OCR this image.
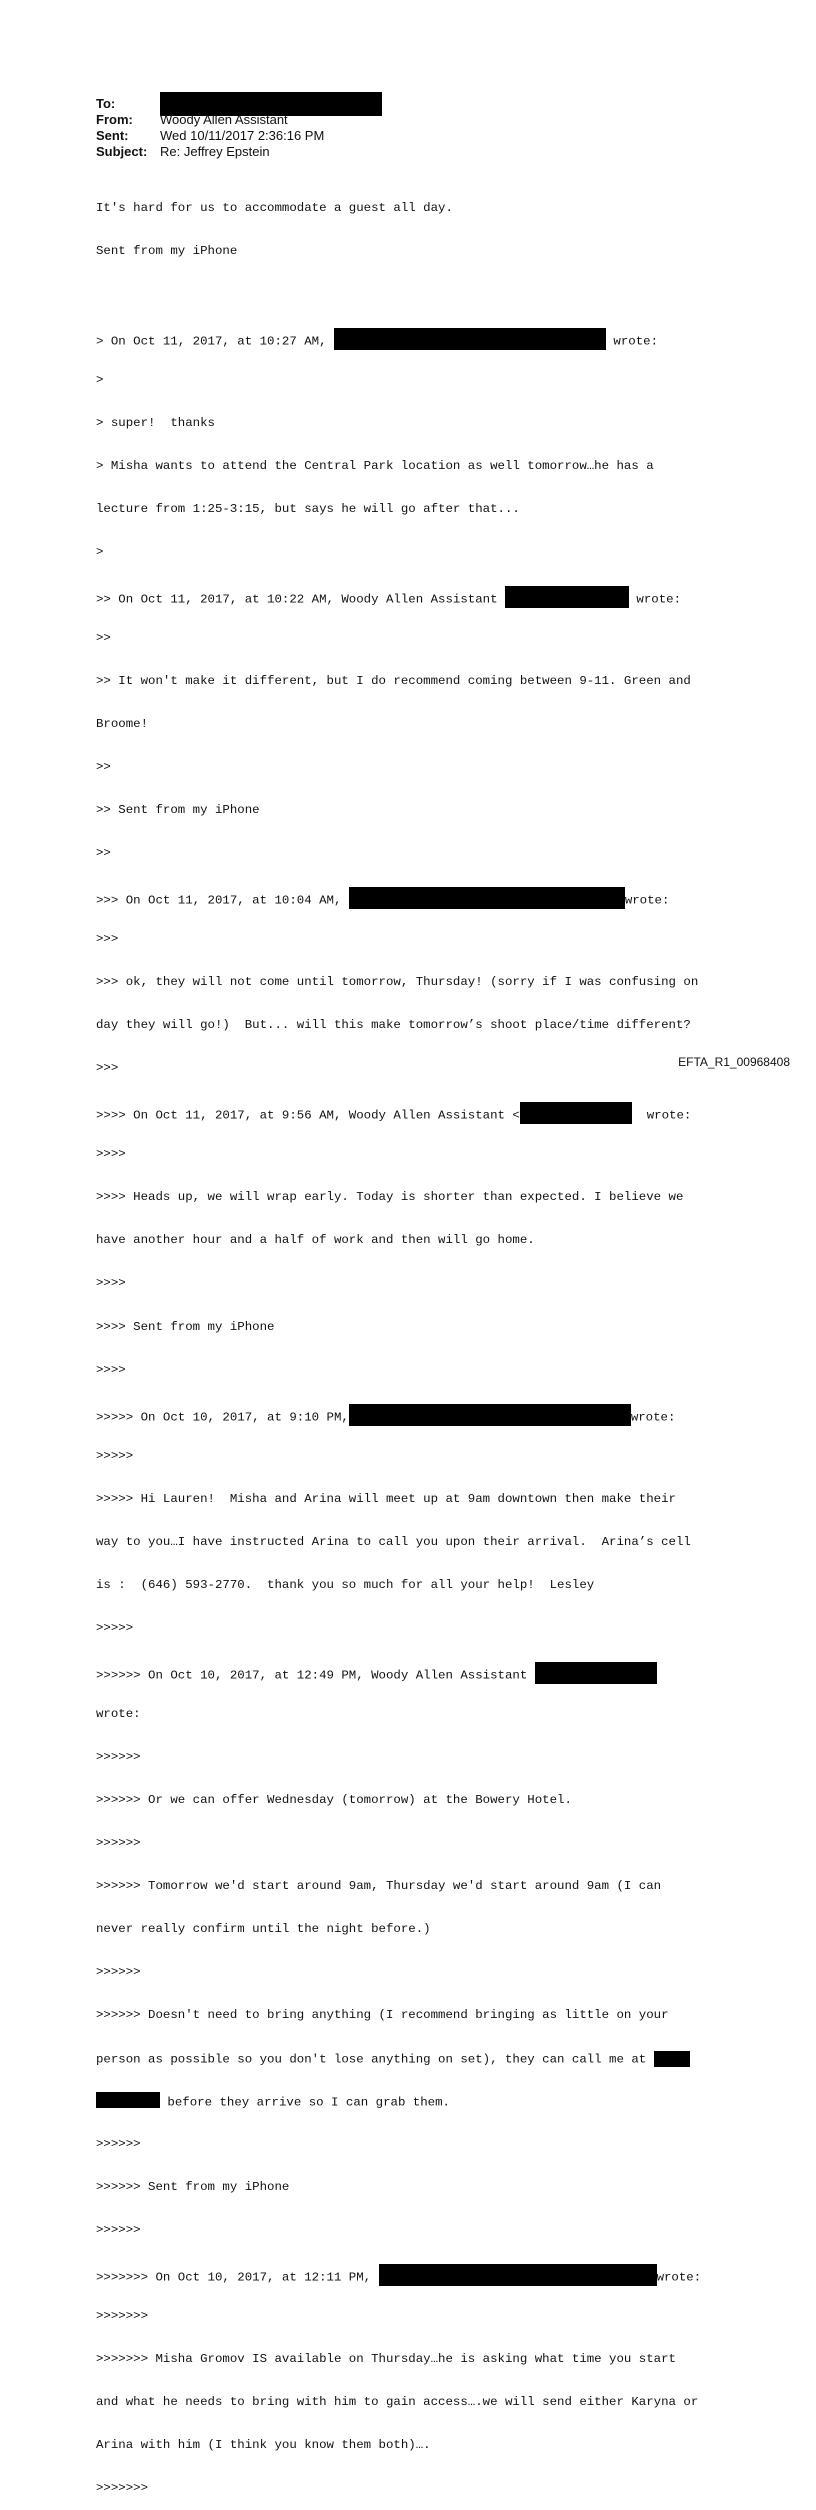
To:
From: Woody Allen Assistant
Sent: Wed 10/11/2017 2:36:16 PM
Subject: Re: Jeffrey Epstein

It's hard for us to accommodate a guest all day.

Sent from my iPhone

> On Oct 11, 2017, at 10:27 AM,	wrote:

>

> super!  thanks

> Misha wants to attend the Central Park location as well tomorrow…he has a

lecture from 1:25-3:15, but says he will go after that...

>

>> On Oct 11, 2017, at 10:22 AM, Woody Allen Assistant	wrote:

>>

>> It won't make it different, but I do recommend coming between 9-11. Green and

Broome!

>>

>> Sent from my iPhone

>>

>>> On Oct 11, 2017, at 10:04 AM,	wrote:

>>>

>>> ok, they will not come until tomorrow, Thursday! (sorry if I was confusing on

day they will go!)  But... will this make tomorrow’s shoot place/time different?

>>>

>>>> On Oct 11, 2017, at 9:56 AM, Woody Allen Assistant <	wrote:

>>>>

>>>> Heads up, we will wrap early. Today is shorter than expected. I believe we

have another hour and a half of work and then will go home.

>>>>

>>>> Sent from my iPhone

>>>>

>>>>> On Oct 10, 2017, at 9:10 PM,	wrote:

>>>>>

>>>>> Hi Lauren!  Misha and Arina will meet up at 9am downtown then make their

way to you…I have instructed Arina to call you upon their arrival.  Arina’s cell

is :  (646) 593-2770.  thank you so much for all your help!  Lesley

>>>>>

>>>>>> On Oct 10, 2017, at 12:49 PM, Woody Allen Assistant

wrote:

>>>>>>

>>>>>> Or we can offer Wednesday (tomorrow) at the Bowery Hotel.

>>>>>>

>>>>>> Tomorrow we'd start around 9am, Thursday we'd start around 9am (I can

never really confirm until the night before.)

>>>>>>

>>>>>> Doesn't need to bring anything (I recommend bringing as little on your

person as possible so you don't lose anything on set), they can call me at

before they arrive so I can grab them.

>>>>>>

>>>>>> Sent from my iPhone

>>>>>>

>>>>>>> On Oct 10, 2017, at 12:11 PM,	wrote:

>>>>>>>

>>>>>>> Misha Gromov IS available on Thursday…he is asking what time you start

and what he needs to bring with him to gain access….we will send either Karyna or

Arina with him (I think you know them both)….

>>>>>>>

EFTA_R1_00968408
